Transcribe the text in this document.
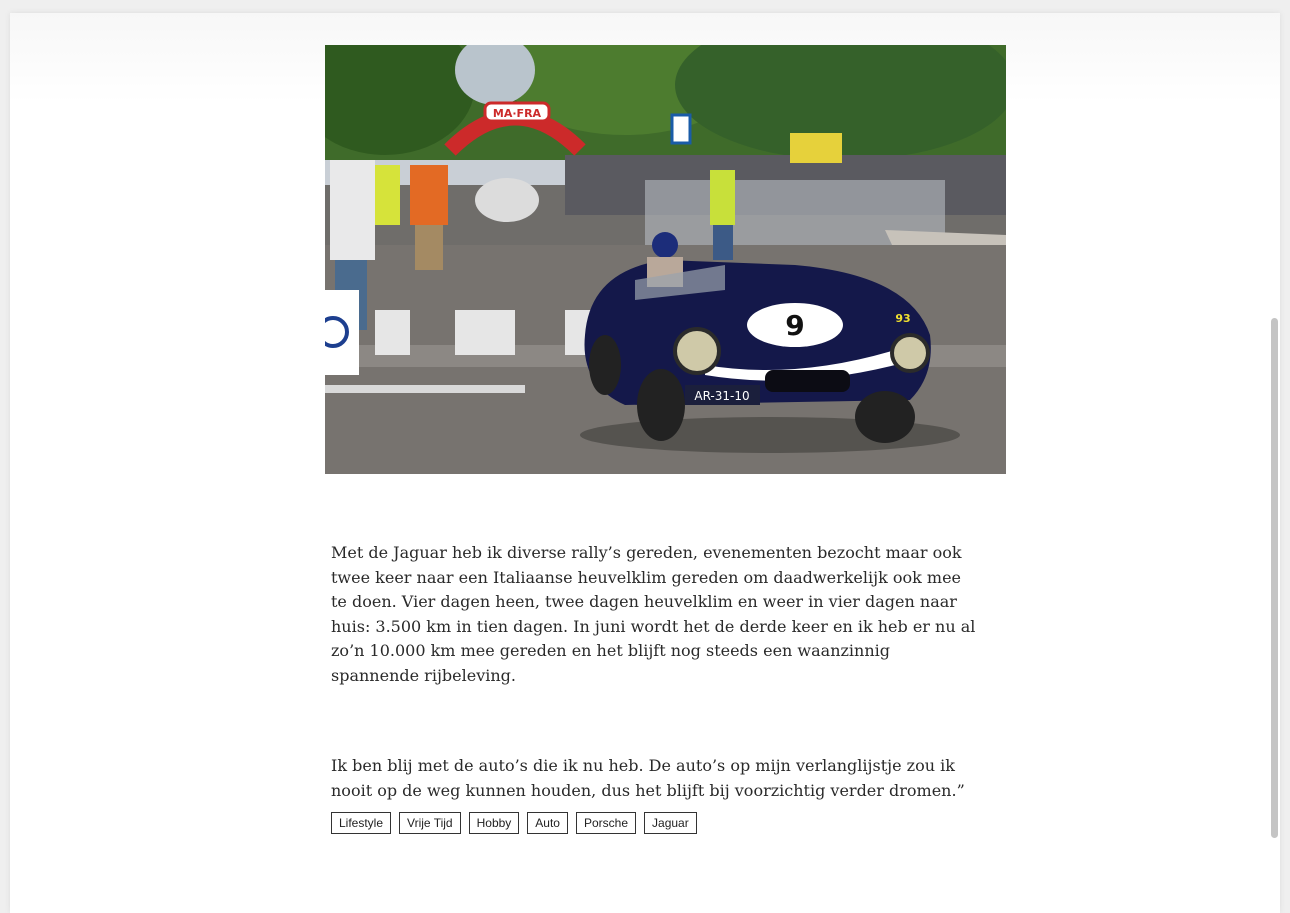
MA·FRA
9	93
AR-31-10

Met de Jaguar heb ik diverse rally’s gereden, evenementen bezocht maar ook twee keer naar een Italiaanse heuvelklim gereden om daadwerkelijk ook mee te doen. Vier dagen heen, twee dagen heuvelklim en weer in vier dagen naar huis: 3.500 km in tien dagen. In juni wordt het de derde keer en ik heb er nu al zo’n 10.000 km mee gereden en het blijft nog steeds een waanzinnig spannende rijbeleving.

Ik ben blij met de auto’s die ik nu heb. De auto’s op mijn verlanglijstje zou ik nooit op de weg kunnen houden, dus het blijft bij voorzichtig verder dromen.”

Lifestyle	Vrije Tijd	Hobby	Auto	Porsche	Jaguar
